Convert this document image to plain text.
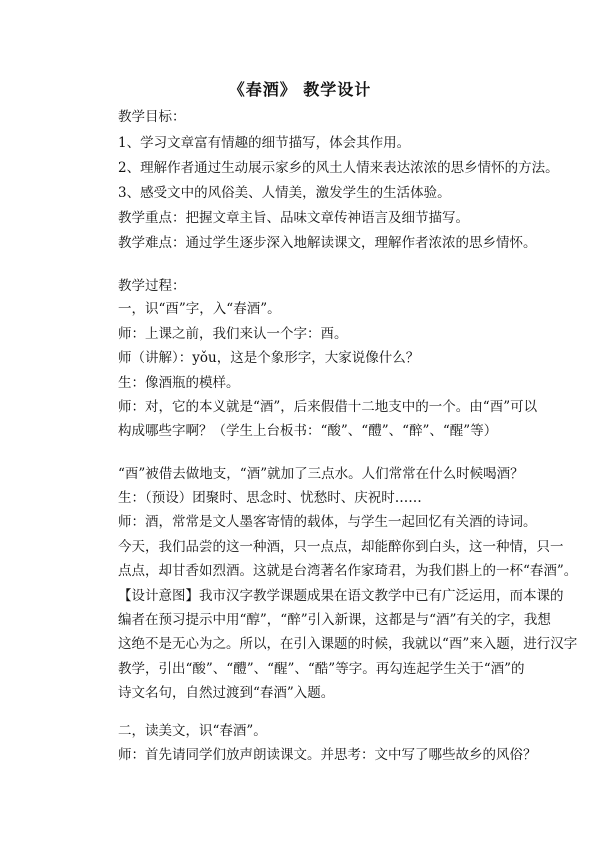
《春酒》 教学设计
教学目标：
1、学习文章富有情趣的细节描写，体会其作用。
2、理解作者通过生动展示家乡的风土人情来表达浓浓的思乡情怀的方法。
3、感受文中的风俗美、人情美，激发学生的生活体验。
教学重点：把握文章主旨、品味文章传神语言及细节描写。
教学难点：通过学生逐步深入地解读课文，理解作者浓浓的思乡情怀。
教学过程：
一，识“酉”字，入“春酒”。
师：上课之前，我们来认一个字：酉。
师（讲解）：yǒu，这是个象形字，大家说像什么？
生：像酒瓶的模样。
师：对，它的本义就是“酒”，后来假借十二地支中的一个。由“酉”可以
构成哪些字啊？（学生上台板书：“酸”、“醴”、“醉”、“醒”等）
“酉”被借去做地支，“酒”就加了三点水。人们常常在什么时候喝酒？
生：（预设）团聚时、思念时、忧愁时、庆祝时……
师：酒，常常是文人墨客寄情的载体，与学生一起回忆有关酒的诗词。
今天，我们品尝的这一种酒，只一点点，却能醉你到白头，这一种情，只一
点点，却甘香如烈酒。这就是台湾著名作家琦君，为我们斟上的一杯“春酒”。
【设计意图】我市汉字教学课题成果在语文教学中已有广泛运用，而本课的
编者在预习提示中用“醇”，“醉”引入新课，这都是与“酒”有关的字，我想
这绝不是无心为之。所以，在引入课题的时候，我就以“酉”来入题，进行汉字
教学，引出“酸”、“醴”、“醒”、“酷”等字。再勾连起学生关于“酒”的
诗文名句，自然过渡到“春酒”入题。
二，读美文，识“春酒”。
师：首先请同学们放声朗读课文。并思考：文中写了哪些故乡的风俗？
